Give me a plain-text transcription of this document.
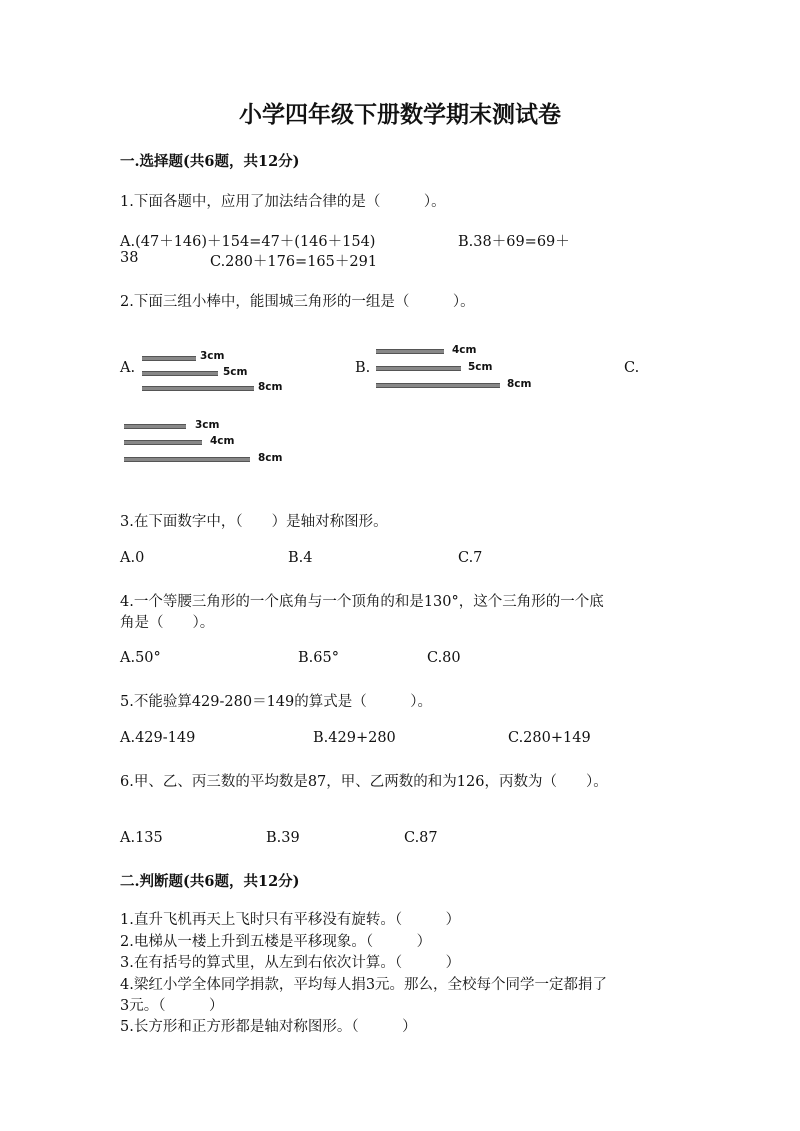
小学四年级下册数学期末测试卷
一.选择题(共6题，共12分)
1.下面各题中，应用了加法结合律的是（　　　）。
A.(47＋146)＋154=47＋(146＋154)	B.38＋69=69＋
38	C.280＋176=165＋291
2.下面三组小棒中，能围城三角形的一组是（　　　）。
A.
3cm
5cm
8cm
B.
4cm
5cm
8cm
C.
3cm
4cm
8cm
3.在下面数字中，（　　）是轴对称图形。
A.0	B.4	C.7
4.一个等腰三角形的一个底角与一个顶角的和是130°，这个三角形的一个底
角是（　　）。
A.50°	B.65°	C.80
5.不能验算429-280＝149的算式是（　　　）。
A.429-149	B.429+280	C.280+149
6.甲、乙、丙三数的平均数是87，甲、乙两数的和为126，丙数为（　　）。
A.135	B.39	C.87
二.判断题(共6题，共12分)
1.直升飞机再天上飞时只有平移没有旋转。（　　　）
2.电梯从一楼上升到五楼是平移现象。（　　　）
3.在有括号的算式里，从左到右依次计算。（　　　）
4.梁红小学全体同学捐款，平均每人捐3元。那么，全校每个同学一定都捐了
3元。（　　　）
5.长方形和正方形都是轴对称图形。（　　　）
